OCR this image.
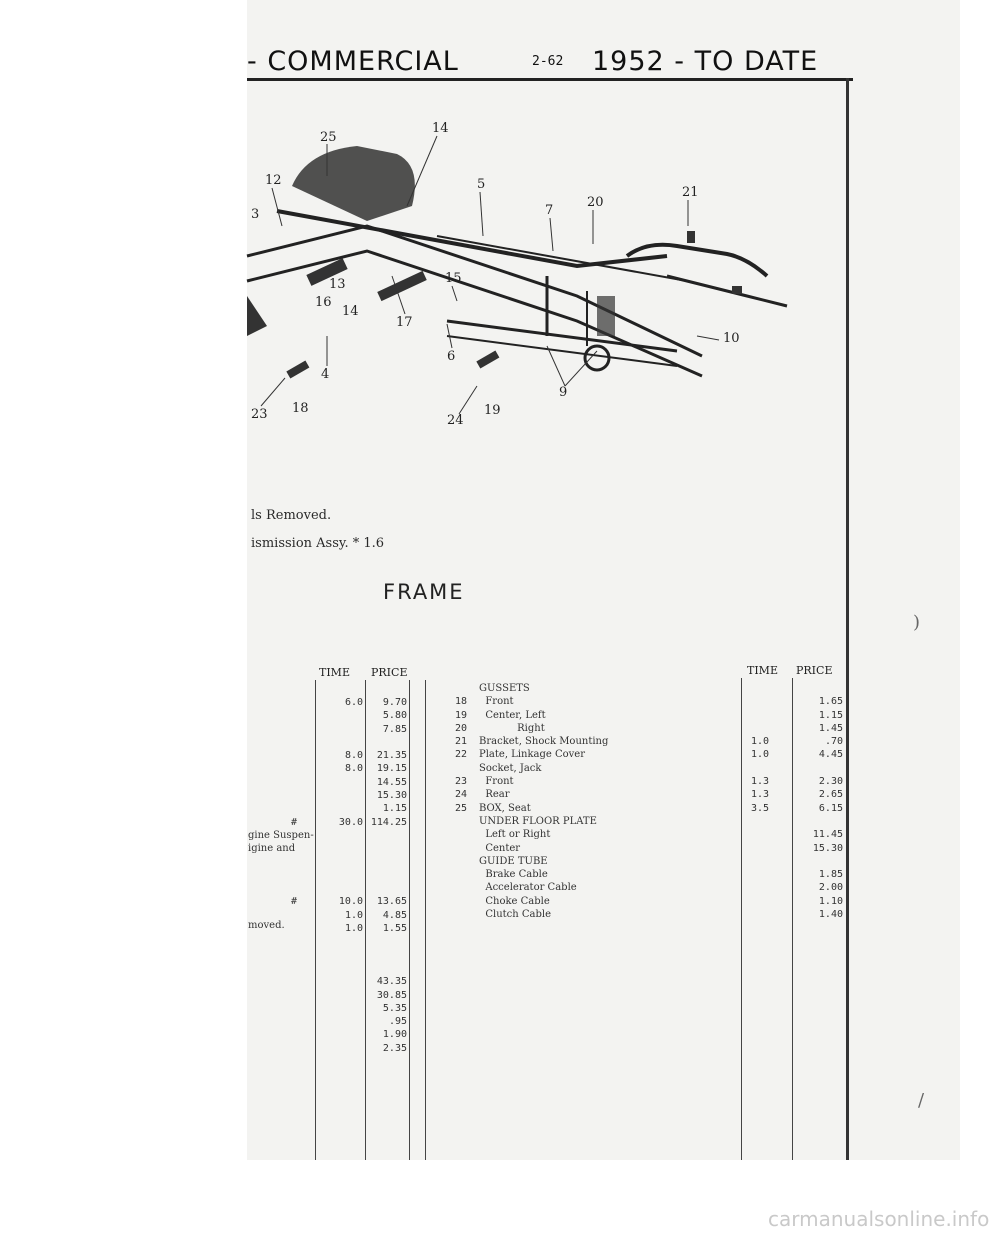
- COMMERCIAL	2-62 1952 - TO DATE
25
14
12	5
7
20
21
3
13
16
14
17
15
10
6
4
9
23 18
24
19
ls Removed.
ismission Assy. * 1.6
FRAME
TIME PRICE
gine Suspen-
igine and
moved.

#

#
6.0

8.0
8.0

30.0

10.0
1.0
1.0
9.70
5.80
7.85

21.35
19.15
14.55
15.30
1.15
114.25

13.65
4.85
1.55

43.35
30.85
5.35
.95
1.90
2.35
TIME PRICE

18
19
20
21
22

23
24
25
GUSSETS
Front
Center, Left
Right
Bracket, Shock Mounting
Plate, Linkage Cover
Socket, Jack
Front
Rear
BOX, Seat
UNDER FLOOR PLATE
Left or Right
Center
GUIDE TUBE
Brake Cable
Accelerator Cable
Choke Cable
Clutch Cable

1.0
1.0

1.3
1.3
3.5

1.65
1.15
1.45
.70
4.45

2.30
2.65
6.15

11.45
15.30

1.85
2.00
1.10
1.40
)
/
carmanualsonline.info
